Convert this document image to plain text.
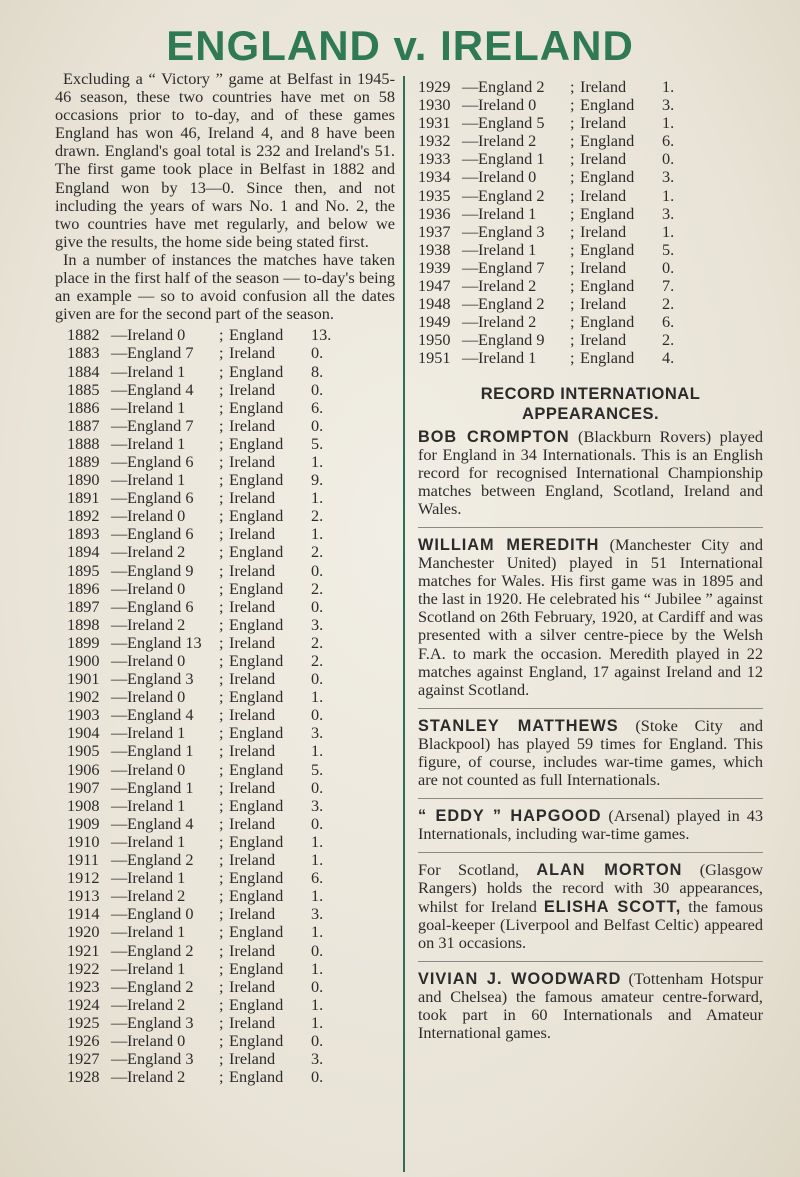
ENGLAND v. IRELAND

Excluding a “ Victory ” game at Belfast in 1945-46 season, these two countries have met on 58 occasions prior to to-day, and of these games England has won 46, Ireland 4, and 8 have been drawn. England's goal total is 232 and Ireland's 51. The first game took place in Belfast in 1882 and England won by 13—0. Since then, and not including the years of wars No. 1 and No. 2, the two countries have met regularly, and below we give the results, the home side being stated first.

In a number of instances the matches have taken place in the first half of the season — to-day's being an example — so to avoid confusion all the dates given are for the second part of the season.

1882 — Ireland 0	; England	13.
1883 — England 7	; Ireland	0.
1884 — Ireland 1	; England	8.
1885 — England 4	; Ireland	0.
1886 — Ireland 1	; England	6.
1887 — England 7	; Ireland	0.
1888 — Ireland 1	; England	5.
1889 — England 6	; Ireland	1.
1890 — Ireland 1	; England	9.
1891 — England 6	; Ireland	1.
1892 — Ireland 0	; England	2.
1893 — England 6	; Ireland	1.
1894 — Ireland 2	; England	2.
1895 — England 9	; Ireland	0.
1896 — Ireland 0	; England	2.
1897 — England 6	; Ireland	0.
1898 — Ireland 2	; England	3.
1899 — England 13	; Ireland	2.
1900 — Ireland 0	; England	2.
1901 — England 3	; Ireland	0.
1902 — Ireland 0	; England	1.
1903 — England 4	; Ireland	0.
1904 — Ireland 1	; England	3.
1905 — England 1	; Ireland	1.
1906 — Ireland 0	; England	5.
1907 — England 1	; Ireland	0.
1908 — Ireland 1	; England	3.
1909 — England 4	; Ireland	0.
1910 — Ireland 1	; England	1.
1911 — England 2	; Ireland	1.
1912 — Ireland 1	; England	6.
1913 — Ireland 2	; England	1.
1914 — England 0	; Ireland	3.
1920 — Ireland 1	; England	1.
1921 — England 2	; Ireland	0.
1922 — Ireland 1	; England	1.
1923 — England 2	; Ireland	0.
1924 — Ireland 2	; England	1.
1925 — England 3	; Ireland	1.
1926 — Ireland 0	; England	0.
1927 — England 3	; Ireland	3.
1928 — Ireland 2	; England	0.
1929 — England 2	; Ireland	1.
1930 — Ireland 0	; England	3.
1931 — England 5	; Ireland	1.
1932 — Ireland 2	; England	6.
1933 — England 1	; Ireland	0.
1934 — Ireland 0	; England	3.
1935 — England 2	; Ireland	1.
1936 — Ireland 1	; England	3.
1937 — England 3	; Ireland	1.
1938 — Ireland 1	; England	5.
1939 — England 7	; Ireland	0.
1947 — Ireland 2	; England	7.
1948 — England 2	; Ireland	2.
1949 — Ireland 2	; England	6.
1950 — England 9	; Ireland	2.
1951 — Ireland 1	; England	4.
RECORD INTERNATIONAL
APPEARANCES.

BOB CROMPTON (Blackburn Rovers) played for England in 34 Internationals. This is an English record for recognised International Championship matches between England, Scotland, Ireland and Wales.

WILLIAM MEREDITH (Manchester City and Manchester United) played in 51 International matches for Wales. His first game was in 1895 and the last in 1920. He celebrated his “ Jubilee ” against Scotland on 26th February, 1920, at Cardiff and was presented with a silver centre-piece by the Welsh F.A. to mark the occasion. Meredith played in 22 matches against England, 17 against Ireland and 12 against Scotland.

STANLEY MATTHEWS (Stoke City and Blackpool) has played 59 times for England. This figure, of course, includes war-time games, which are not counted as full Internationals.

“ EDDY ” HAPGOOD (Arsenal) played in 43 Internationals, including war-time games.

For Scotland, ALAN MORTON (Glasgow Rangers) holds the record with 30 appearances, whilst for Ireland ELISHA SCOTT, the famous goal-keeper (Liverpool and Belfast Celtic) appeared on 31 occasions.

VIVIAN J. WOODWARD (Tottenham Hotspur and Chelsea) the famous amateur centre-forward, took part in 60 Internationals and Amateur International games.
